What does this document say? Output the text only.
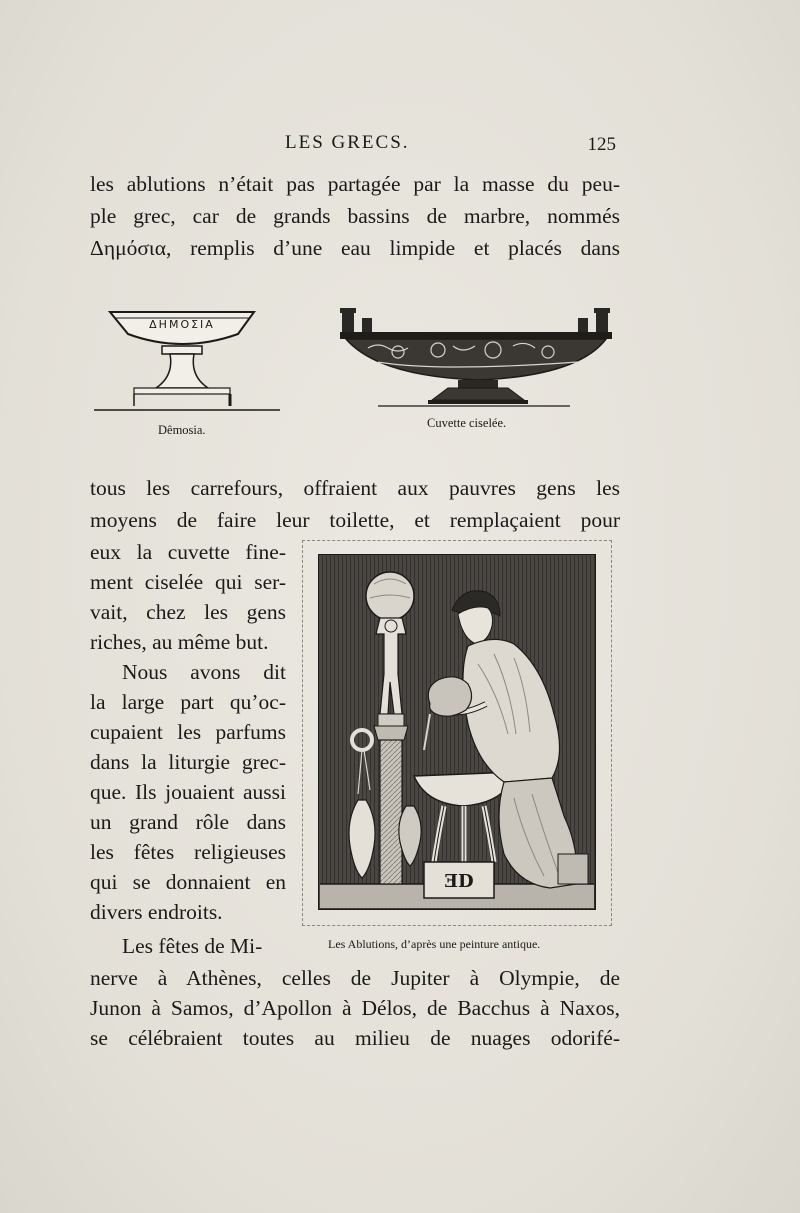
LES GRECS.	125
les ablutions n’était pas partagée par la masse du peu-
ple grec, car de grands bassins de marbre, nommés
Δημόσια, remplis d’une eau limpide et placés dans
ΔΗΜΟΣΙΑ
Dêmosia.	Cuvette ciselée.
tous les carrefours, offraient aux pauvres gens les
moyens de faire leur toilette, et remplaçaient pour
eux la cuvette fine-
ment ciselée qui ser-
vait, chez les gens
riches, au même but.
Nous avons dit
la large part qu’oc-
cupaient les parfums
dans la liturgie grec-
que. Ils jouaient aussi
un grand rôle dans
les fêtes religieuses
qui se donnaient en
divers endroits.
Les fêtes de Mi-
ƎD
Les Ablutions, d’après une peinture antique.
nerve à Athènes, celles de Jupiter à Olympie, de
Junon à Samos, d’Apollon à Délos, de Bacchus à Naxos,
se célébraient toutes au milieu de nuages odorifé-
